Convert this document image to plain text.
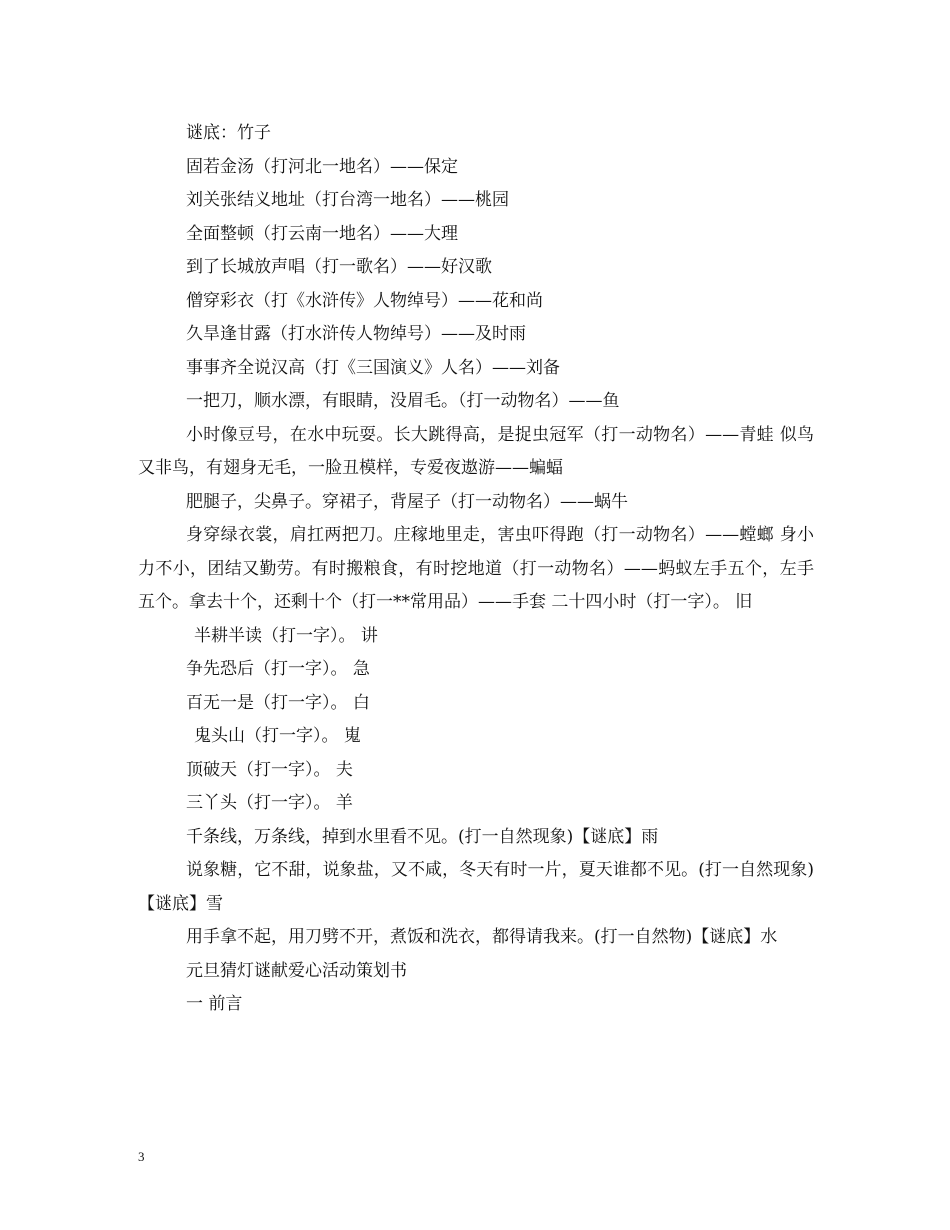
谜底：竹子

固若金汤（打河北一地名）——保定

刘关张结义地址（打台湾一地名）——桃园

全面整顿（打云南一地名）——大理

到了长城放声唱（打一歌名）——好汉歌

僧穿彩衣（打《水浒传》人物绰号）——花和尚

久旱逢甘露（打水浒传人物绰号）——及时雨

事事齐全说汉高（打《三国演义》人名）——刘备

一把刀，顺水漂，有眼睛，没眉毛。（打一动物名）——鱼

小时像豆号，在水中玩耍。长大跳得高，是捉虫冠军（打一动物名）——青蛙 似鸟又非鸟，有翅身无毛，一脸丑模样，专爱夜遨游——蝙蝠

肥腿子，尖鼻子。穿裙子，背屋子（打一动物名）——蜗牛

身穿绿衣裳，肩扛两把刀。庄稼地里走，害虫吓得跑（打一动物名）——螳螂 身小力不小，团结又勤劳。有时搬粮食，有时挖地道（打一动物名）——蚂蚁左手五个，左手五个。拿去十个，还剩十个（打一**常用品）——手套 二十四小时（打一字）。 旧

半耕半读（打一字）。 讲

争先恐后（打一字）。 急

百无一是（打一字）。 白

鬼头山（打一字）。 嵬

顶破天（打一字）。 夫

三丫头（打一字）。 羊

千条线，万条线，掉到水里看不见。(打一自然现象)【谜底】雨

说象糖，它不甜，说象盐，又不咸，冬天有时一片，夏天谁都不见。(打一自然现象)【谜底】雪

用手拿不起，用刀劈不开，煮饭和洗衣，都得请我来。(打一自然物)【谜底】水

元旦猜灯谜献爱心活动策划书

一 前言

3
